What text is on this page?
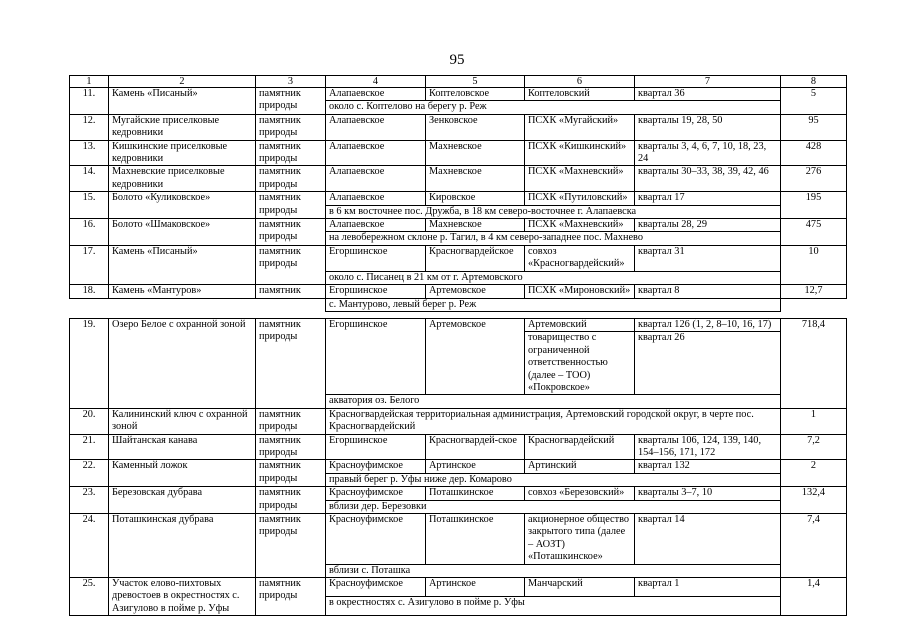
95
1	2	3	4	5	6	7	8
11.	Камень «Писаный»	памятник природы	Алапаевское	Коптеловское	Коптеловский	квартал 36	5
			около с. Коптелово на берегу р. Реж				
12.	Мугайские приселковые кедровники	памятник природы	Алапаевское	Зенковское	ПСХК «Мугайский»	кварталы 19, 28, 50	95
13.	Кишкинские приселковые кедровники	памятник природы	Алапаевское	Махневское	ПСХК «Кишкинский»	кварталы 3, 4, 6, 7, 10, 18, 23, 24	428
14.	Махневские приселковые кедровники	памятник природы	Алапаевское	Махневское	ПСХК «Махневский»	кварталы 30–33, 38, 39, 42, 46	276
15.	Болото «Куликовское»	памятник природы	Алапаевское	Кировское	ПСХК «Путиловский»	квартал 17	195
			в 6 км восточнее пос. Дружба, в 18 км северо-восточнее г. Алапаевска				
16.	Болото «Шмаковское»	памятник природы	Алапаевское	Махневское	ПСХК «Махневский»	кварталы 28, 29	475
			на левобережном склоне р. Тагил, в 4 км северо-западнее пос. Махнево				
17.	Камень «Писаный»	памятник природы	Егоршинское	Красногвардейское	совхоз «Красногвардейский»	квартал 31	10
			около с. Писанец в 21 км от г. Артемовского				
18.	Камень «Мантуров»	памятник	Егоршинское	Артемовское	ПСХК «Мироновский»	квартал 8	12,7
			с. Мантурово, левый берег р. Реж				

19.	Озеро Белое с охранной зоной	памятник природы	Егоршинское	Артемовское	Артемовский	квартал 126 (1, 2, 8–10, 16, 17)	718,4
					товарищество с ограниченной ответственностью (далее – ТОО) «Покровское»	квартал 26	
			акватория оз. Белого				
20.	Калининский ключ с охранной зоной	памятник природы	Красногвардейская территориальная администрация, Артемовский городской округ, в черте пос. Красногвардейский				1
21.	Шайтанская канава	памятник природы	Егоршинское	Красногвардей-ское	Красногвардейский	кварталы 106, 124, 139, 140, 154–156, 171, 172	7,2
22.	Каменный ложок	памятник природы	Красноуфимское	Артинское	Артинский	квартал 132	2
			правый берег р. Уфы ниже дер. Комарово				
23.	Березовская дубрава	памятник природы	Красноуфимское	Поташкинское	совхоз «Березовский»	кварталы 3–7, 10	132,4
			вблизи дер. Березовки				
24.	Поташкинская дубрава	памятник природы	Красноуфимское	Поташкинское	акционерное общество закрытого типа (далее – АОЗТ) «Поташкинское»	квартал 14	7,4
			вблизи с. Поташка				
25.	Участок елово-пихтовых древостоев в окрестностях с. Азигулово в пойме р. Уфы	памятник природы	Красноуфимское	Артинское	Манчарский	квартал 1	1,4
			в окрестностях с. Азигулово в пойме р. Уфы				
